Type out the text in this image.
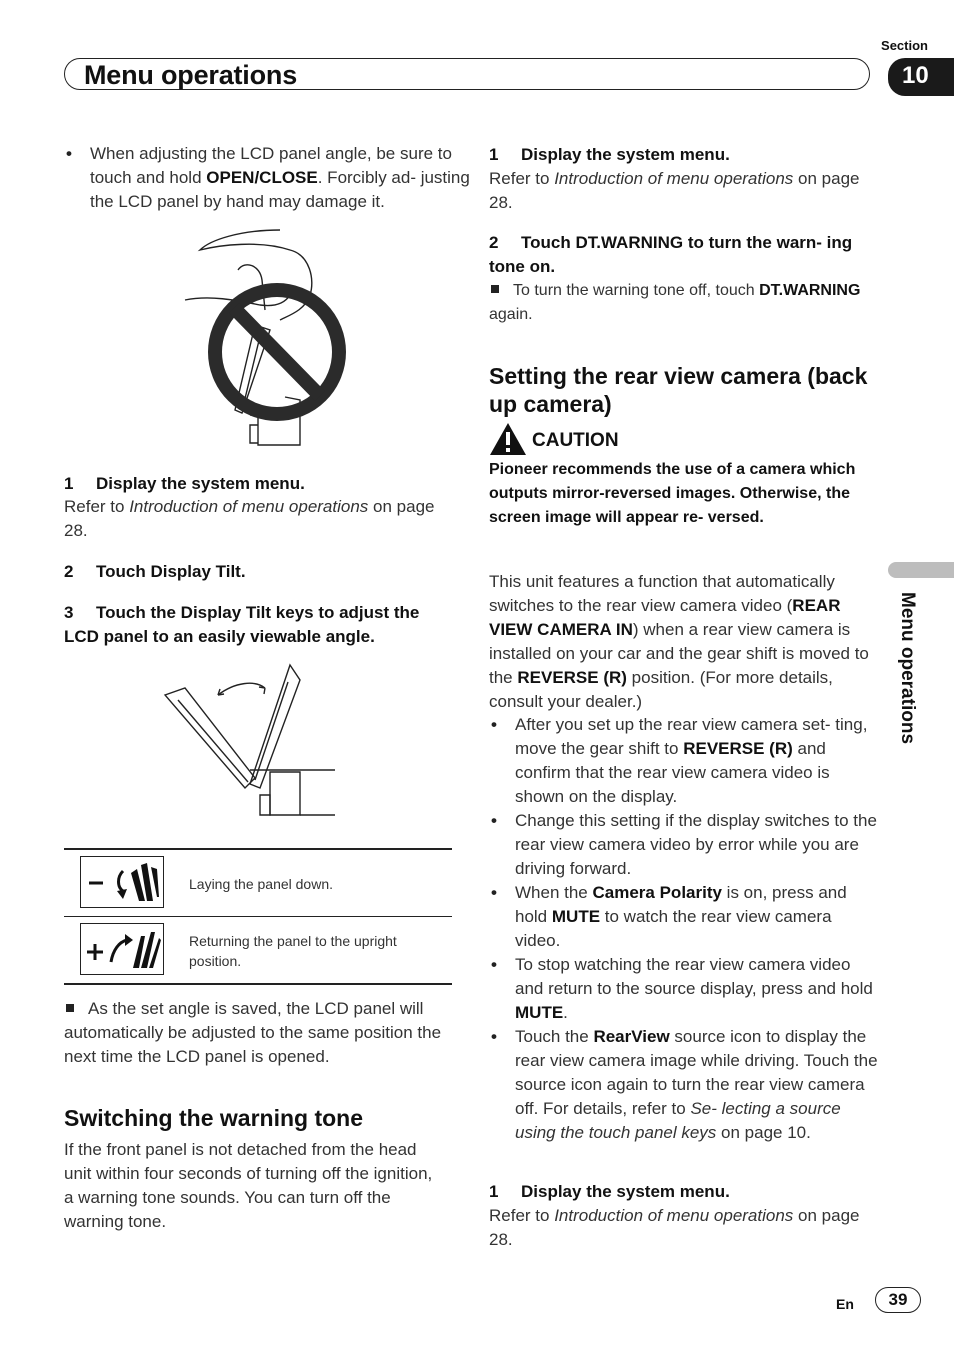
Section
Menu operations	10
• When adjusting the LCD panel angle, be sure to touch and hold OPEN/CLOSE. Forcibly ad- justing the LCD panel by hand may damage it.
1 Display the system menu.
Refer to Introduction of menu operations on page 28.
2 Touch Display Tilt.
3 Touch the Display Tilt keys to adjust the LCD panel to an easily viewable angle.
Laying the panel down.
Returning the panel to the upright position.
As the set angle is saved, the LCD panel will automatically be adjusted to the same position the next time the LCD panel is opened.
Switching the warning tone
If the front panel is not detached from the head unit within four seconds of turning off the ignition, a warning tone sounds. You can turn off the warning tone.
1 Display the system menu.
Refer to Introduction of menu operations on page 28.
2 Touch DT.WARNING to turn the warn- ing tone on.
To turn the warning tone off, touch DT.WARNING again.
Setting the rear view camera (back up camera)
CAUTION
Pioneer recommends the use of a camera which outputs mirror-reversed images. Otherwise, the screen image will appear re- versed.
This unit features a function that automatically switches to the rear view camera video (REAR VIEW CAMERA IN) when a rear view camera is installed on your car and the gear shift is moved to the REVERSE (R) position. (For more details, consult your dealer.)
• After you set up the rear view camera set- ting, move the gear shift to REVERSE (R) and confirm that the rear view camera video is shown on the display.
• Change this setting if the display switches to the rear view camera video by error while you are driving forward.
• When the Camera Polarity is on, press and hold MUTE to watch the rear view camera video.
• To stop watching the rear view camera video and return to the source display, press and hold MUTE.
• Touch the RearView source icon to display the rear view camera image while driving. Touch the source icon again to turn the rear view camera off. For details, refer to Se- lecting a source using the touch panel keys on page 10.
1 Display the system menu.
Refer to Introduction of menu operations on page 28.
Menu operations
En	39
